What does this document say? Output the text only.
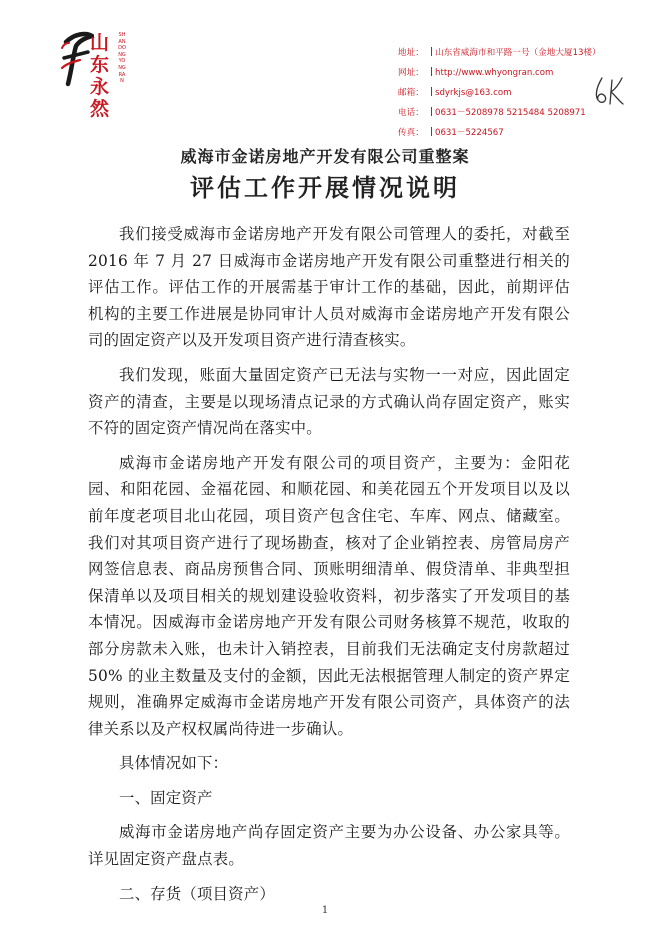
山东永然
SHANDONGYONGRAN
地址： 山东省威海市和平路一号（金地大厦13楼）
网址： http://www.whyongran.com
邮箱： sdyrkjs@163.com
电话： 0631－5208978 5215484 5208971
传真： 0631－5224567
威海市金诺房地产开发有限公司重整案
评估工作开展情况说明

我们接受威海市金诺房地产开发有限公司管理人的委托，对截至 2016 年 7 月 27 日威海市金诺房地产开发有限公司重整进行相关的评估工作。评估工作的开展需基于审计工作的基础，因此，前期评估机构的主要工作进展是协同审计人员对威海市金诺房地产开发有限公司的固定资产以及开发项目资产进行清查核实。

我们发现，账面大量固定资产已无法与实物一一对应，因此固定资产的清查，主要是以现场清点记录的方式确认尚存固定资产，账实不符的固定资产情况尚在落实中。

威海市金诺房地产开发有限公司的项目资产，主要为：金阳花园、和阳花园、金福花园、和顺花园、和美花园五个开发项目以及以前年度老项目北山花园，项目资产包含住宅、车库、网点、储藏室。我们对其项目资产进行了现场勘查，核对了企业销控表、房管局房产网签信息表、商品房预售合同、顶账明细清单、假贷清单、非典型担保清单以及项目相关的规划建设验收资料，初步落实了开发项目的基本情况。因威海市金诺房地产开发有限公司财务核算不规范，收取的部分房款未入账，也未计入销控表，目前我们无法确定支付房款超过 50% 的业主数量及支付的金额，因此无法根据管理人制定的资产界定规则，准确界定威海市金诺房地产开发有限公司资产，具体资产的法律关系以及产权权属尚待进一步确认。

具体情况如下：

一、固定资产

威海市金诺房地产尚存固定资产主要为办公设备、办公家具等。详见固定资产盘点表。

二、存货（项目资产）

1
